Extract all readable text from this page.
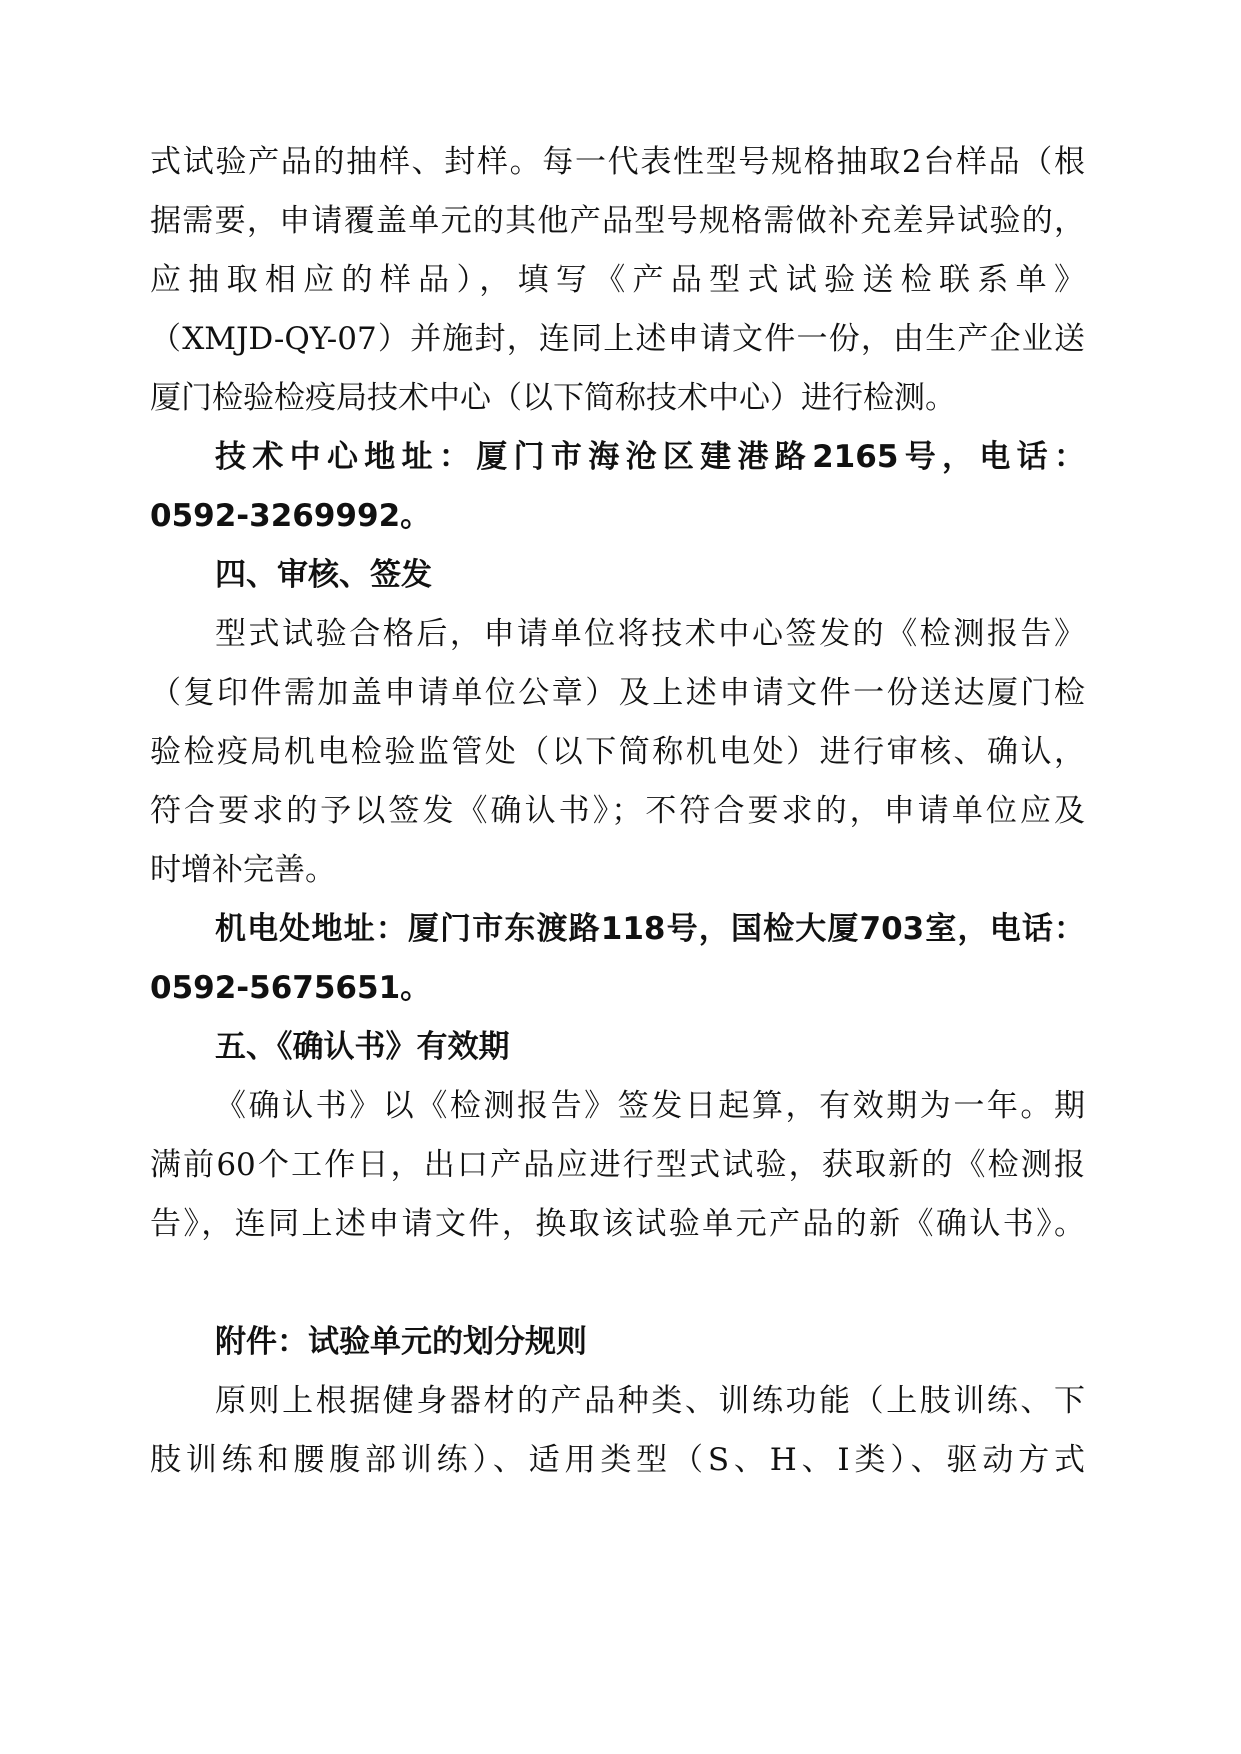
式试验产品的抽样、封样。每一代表性型号规格抽取2台样品（根
据需要，申请覆盖单元的其他产品型号规格需做补充差异试验的，
应抽取相应的样品），填写《产品型式试验送检联系单》
（XMJD-QY-07）并施封，连同上述申请文件一份，由生产企业送
厦门检验检疫局技术中心（以下简称技术中心）进行检测。
技术中心地址：厦门市海沧区建港路2165号，电话：
0592-3269992。
四、审核、签发
型式试验合格后，申请单位将技术中心签发的《检测报告》
（复印件需加盖申请单位公章）及上述申请文件一份送达厦门检
验检疫局机电检验监管处（以下简称机电处）进行审核、确认，
符合要求的予以签发《确认书》；不符合要求的，申请单位应及
时增补完善。
机电处地址：厦门市东渡路118号，国检大厦703室，电话：
0592-5675651。
五、《确认书》有效期
《确认书》以《检测报告》签发日起算，有效期为一年。期
满前60个工作日，出口产品应进行型式试验，获取新的《检测报
告》，连同上述申请文件，换取该试验单元产品的新《确认书》。
附件：试验单元的划分规则
原则上根据健身器材的产品种类、训练功能（上肢训练、下
肢训练和腰腹部训练）、适用类型（S、H、I类）、驱动方式
